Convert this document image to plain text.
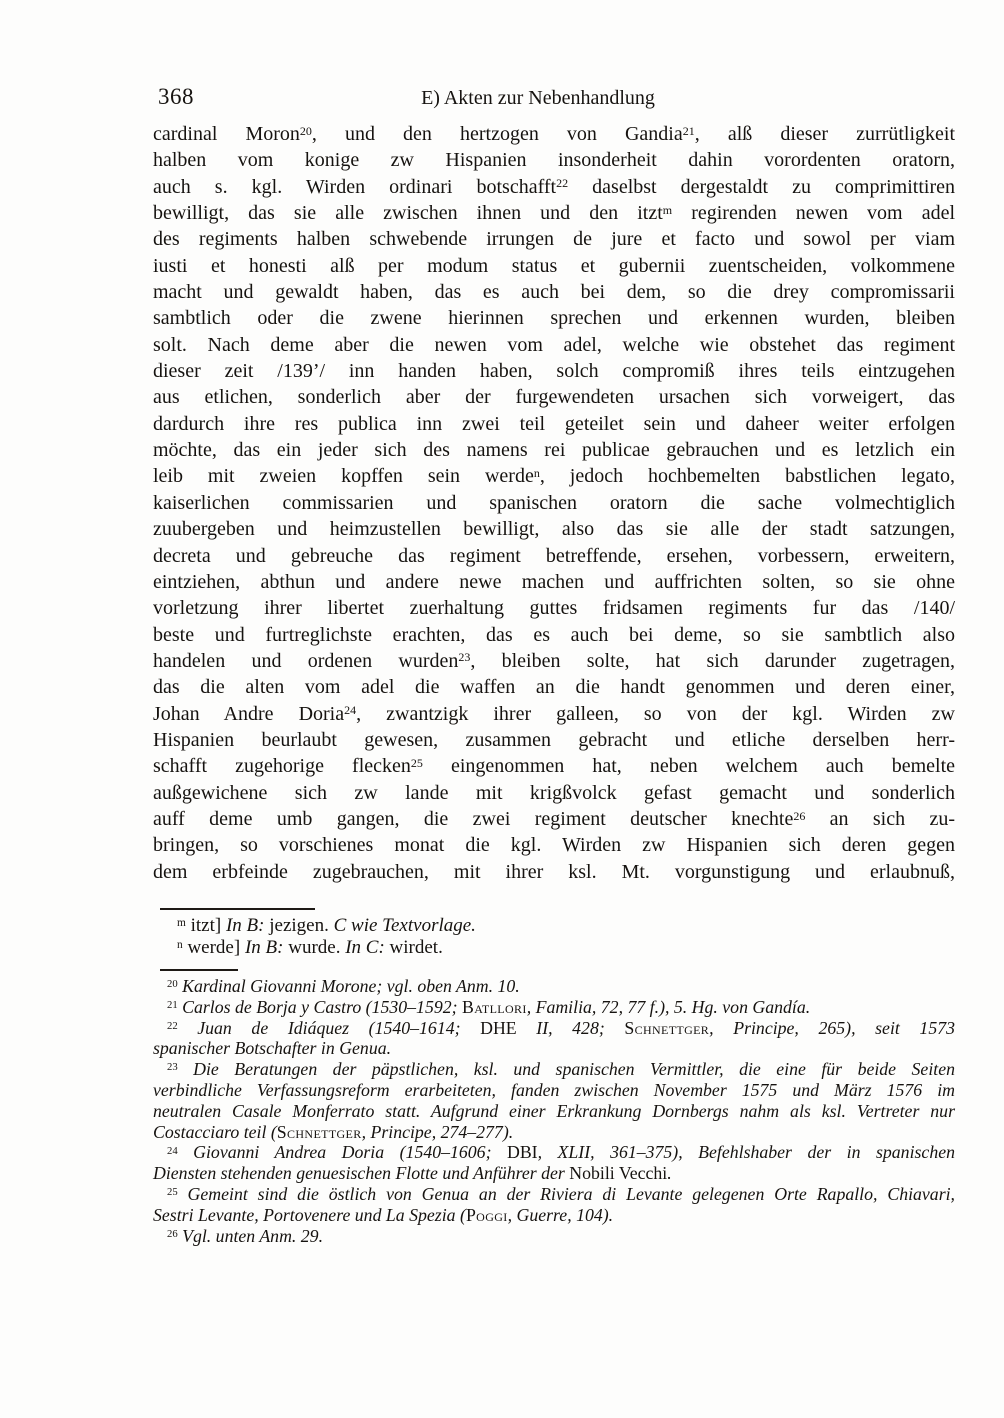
368	E) Akten zur Nebenhandlung
cardinal Moron$^{20}$, und den hertzogen von Gandia$^{21}$, alß dieser zurrütligkeit
halben vom konige zw Hispanien insonderheit dahin vorordenten oratorn,
auch s. kgl. Wirden ordinari botschafft$^{22}$ daselbst dergestaldt zu comprimittiren
bewilligt, das sie alle zwischen ihnen und den itzt$^m$ regirenden newen vom adel
des regiments halben schwebende irrungen de jure et facto und sowol per viam
iusti et honesti alß per modum status et gubernii zuentscheiden, volkommene
macht und gewaldt haben, das es auch bei dem, so die drey compromissarii
sambtlich oder die zwene hierinnen sprechen und erkennen wurden, bleiben
solt. Nach deme aber die newen vom adel, welche wie obstehet das regiment
dieser zeit /139’/ inn handen haben, solch compromiß ihres teils eintzugehen
aus etlichen, sonderlich aber der furgewendeten ursachen sich vorweigert, das
dardurch ihre res publica inn zwei teil geteilet sein und daheer weiter erfolgen
möchte, das ein jeder sich des namens rei publicae gebrauchen und es letzlich ein
leib mit zweien kopffen sein werde$^n$, jedoch hochbemelten babstlichen legato,
kaiserlichen commissarien und spanischen oratorn die sache volmechtiglich
zuubergeben und heimzustellen bewilligt, also das sie alle der stadt satzungen,
decreta und gebreuche das regiment betreffende, ersehen, vorbessern, erweitern,
eintziehen, abthun und andere newe machen und auffrichten solten, so sie ohne
vorletzung ihrer libertet zuerhaltung guttes fridsamen regiments fur das /140/
beste und furtreglichste erachten, das es auch bei deme, so sie sambtlich also
handelen und ordenen wurden$^{23}$, bleiben solte, hat sich darunder zugetragen,
das die alten vom adel die waffen an die handt genommen und deren einer,
Johan Andre Doria$^{24}$, zwantzigk ihrer galleen, so von der kgl. Wirden zw
Hispanien beurlaubt gewesen, zusammen gebracht und etliche derselben herr-
schafft zugehorige flecken$^{25}$ eingenommen hat, neben welchem auch bemelte
außgewichene sich zw lande mit krigßvolck gefast gemacht und sonderlich
auff deme umb gangen, die zwei regiment deutscher knechte$^{26}$ an sich zu-
bringen, so vorschienes monat die kgl. Wirden zw Hispanien sich deren gegen
dem erbfeinde zugebrauchen, mit ihrer ksl. Mt. vorgunstigung und erlaubnuß,
$^m$ itzt] In B: jezigen. C wie Textvorlage.
$^n$ werde] In B: wurde. In C: wirdet.
$^{20}$ Kardinal Giovanni Morone; vgl. oben Anm. 10.
$^{21}$ Carlos de Borja y Castro (1530–1592; Batllori, Familia, 72, 77 f.), 5. Hg. von Gandía.
$^{22}$ Juan de Idiáquez (1540–1614; DHE II, 428; Schnettger, Principe, 265), seit 1573
spanischer Botschafter in Genua.
$^{23}$ Die Beratungen der päpstlichen, ksl. und spanischen Vermittler, die eine für beide Seiten
verbindliche Verfassungsreform erarbeiteten, fanden zwischen November 1575 und März 1576 im
neutralen Casale Monferrato statt. Aufgrund einer Erkrankung Dornbergs nahm als ksl. Vertreter nur
Costacciaro teil (Schnettger, Principe, 274–277).
$^{24}$ Giovanni Andrea Doria (1540–1606; DBI, XLII, 361–375), Befehlshaber der in spanischen
Diensten stehenden genuesischen Flotte und Anführer der Nobili Vecchi.
$^{25}$ Gemeint sind die östlich von Genua an der Riviera di Levante gelegenen Orte Rapallo, Chiavari,
Sestri Levante, Portovenere und La Spezia (Poggi, Guerre, 104).
$^{26}$ Vgl. unten Anm. 29.
